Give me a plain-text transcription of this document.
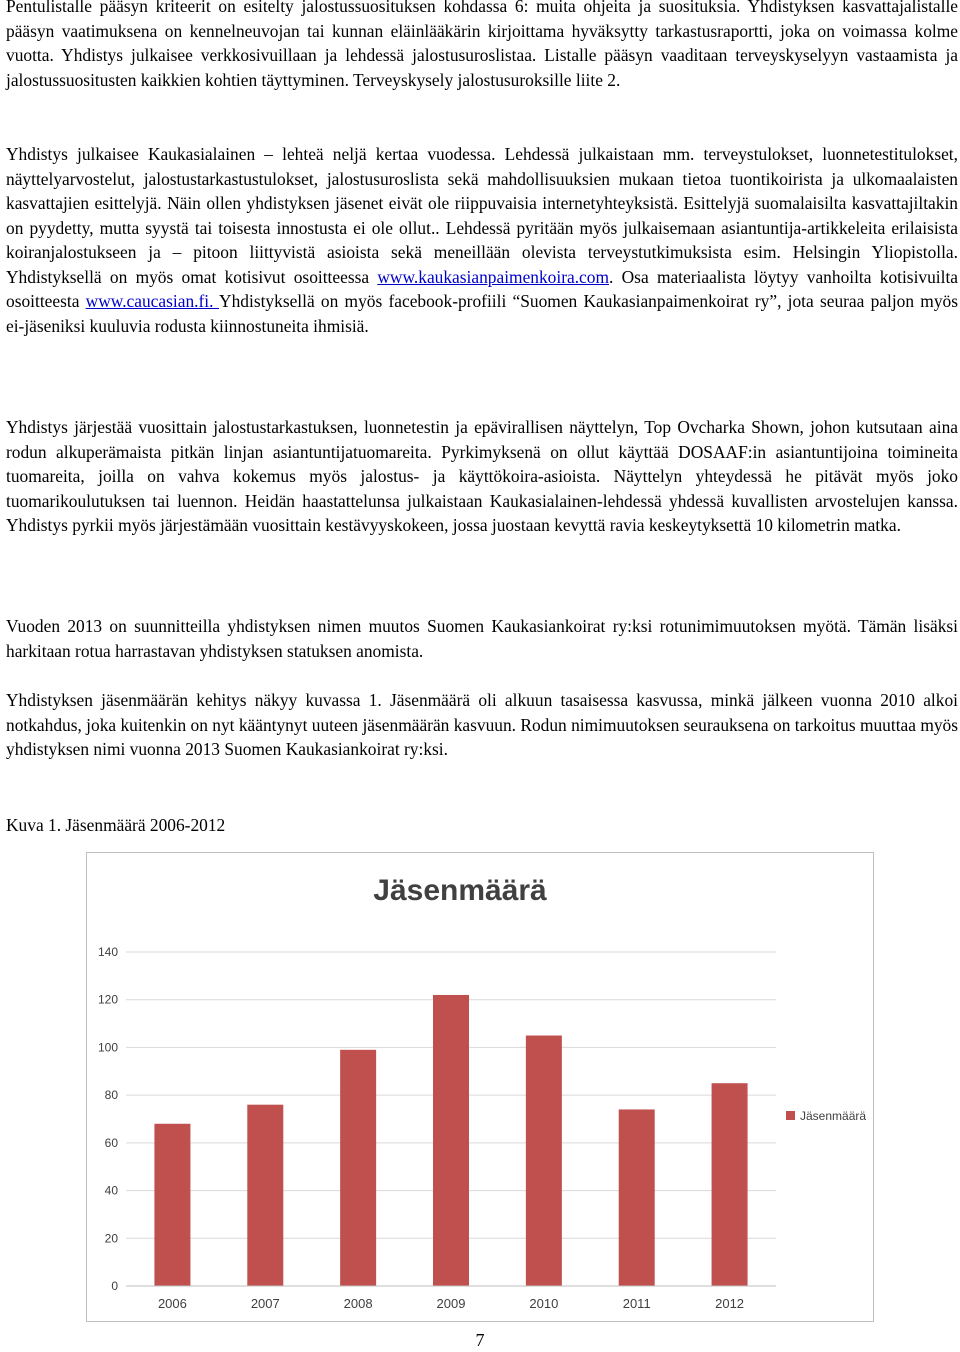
Pentulistalle pääsyn kriteerit on esitelty jalostussuosituksen kohdassa 6: muita ohjeita ja suosituksia. Yhdistyksen kasvattajalistalle pääsyn vaatimuksena on kennelneuvojan tai kunnan eläinlääkärin kirjoittama hyväksytty tarkastusraportti, joka on voimassa kolme vuotta. Yhdistys julkaisee verkkosivuillaan ja lehdessä jalostusuroslistaa. Listalle pääsyn vaaditaan terveyskyselyyn vastaamista ja jalostussuositusten kaikkien kohtien täyttyminen. Terveyskysely jalostusuroksille liite 2.
Yhdistys julkaisee Kaukasialainen – lehteä neljä kertaa vuodessa. Lehdessä julkaistaan mm. terveystulokset, luonnetestitulokset, näyttelyarvostelut, jalostustarkastustulokset, jalostusuroslista sekä mahdollisuuksien mukaan tietoa tuontikoirista ja ulkomaalaisten kasvattajien esittelyjä. Näin ollen yhdistyksen jäsenet eivät ole riippuvaisia internetyhteyksistä. Esittelyjä suomalaisilta kasvattajiltakin on pyydetty, mutta syystä tai toisesta innostusta ei ole ollut.. Lehdessä pyritään myös julkaisemaan asiantuntija-artikkeleita erilaisista koiranjalostukseen ja – pitoon liittyvistä asioista sekä meneillään olevista terveystutkimuksista esim. Helsingin Yliopistolla. Yhdistyksellä on myös omat kotisivut osoitteessa www.kaukasianpaimenkoira.com. Osa materiaalista löytyy vanhoilta kotisivuilta osoitteesta www.caucasian.fi. Yhdistyksellä on myös facebook-profiili “Suomen Kaukasianpaimenkoirat ry”, jota seuraa paljon myös ei-jäseniksi kuuluvia rodusta kiinnostuneita ihmisiä.
Yhdistys järjestää vuosittain jalostustarkastuksen, luonnetestin ja epävirallisen näyttelyn, Top Ovcharka Shown, johon kutsutaan aina rodun alkuperämaista pitkän linjan asiantuntijatuomareita. Pyrkimyksenä on ollut käyttää DOSAAF:in asiantuntijoina toimineita tuomareita, joilla on vahva kokemus myös jalostus- ja käyttökoira-asioista. Näyttelyn yhteydessä he pitävät myös joko tuomarikoulutuksen tai luennon. Heidän haastattelunsa julkaistaan Kaukasialainen-lehdessä yhdessä kuvallisten arvostelujen kanssa. Yhdistys pyrkii myös järjestämään vuosittain kestävyyskokeen, jossa juostaan kevyttä ravia keskeytyksettä 10 kilometrin matka.
Vuoden 2013 on suunnitteilla yhdistyksen nimen muutos Suomen Kaukasiankoirat ry:ksi rotunimimuutoksen myötä. Tämän lisäksi harkitaan rotua harrastavan yhdistyksen statuksen anomista.
Yhdistyksen jäsenmäärän kehitys näkyy kuvassa 1. Jäsenmäärä oli alkuun tasaisessa kasvussa, minkä jälkeen vuonna 2010 alkoi notkahdus, joka kuitenkin on nyt kääntynyt uuteen jäsenmäärän kasvuun. Rodun nimimuutoksen seurauksena on tarkoitus muuttaa myös yhdistyksen nimi vuonna 2013 Suomen Kaukasiankoirat ry:ksi.
Kuva 1. Jäsenmäärä 2006-2012
Jäsenmäärä
0
20
40
60
80
100
120
140
2006	2007	2008	2009	2010	2011	2012
Jäsenmäärä
7
